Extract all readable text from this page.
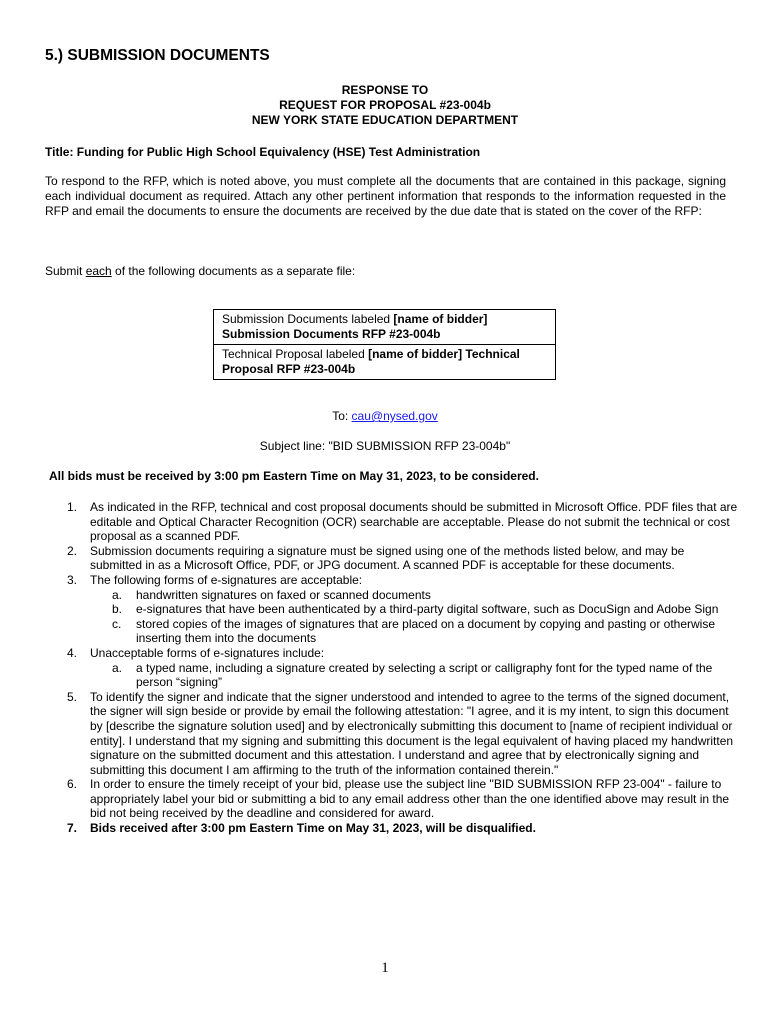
5.) SUBMISSION DOCUMENTS
RESPONSE TO
REQUEST FOR PROPOSAL #23-004b
NEW YORK STATE EDUCATION DEPARTMENT
Title: Funding for Public High School Equivalency (HSE) Test Administration
To respond to the RFP, which is noted above, you must complete all the documents that are contained in this package, signing each individual document as required. Attach any other pertinent information that responds to the information requested in the RFP and email the documents to ensure the documents are received by the due date that is stated on the cover of the RFP:
Submit each of the following documents as a separate file:
Submission Documents labeled [name of bidder] Submission Documents RFP #23-004b
Technical Proposal labeled [name of bidder] Technical Proposal RFP #23-004b
To: cau@nysed.gov
Subject line: "BID SUBMISSION RFP 23-004b"
All bids must be received by 3:00 pm Eastern Time on May 31, 2023, to be considered.
1. As indicated in the RFP, technical and cost proposal documents should be submitted in Microsoft Office. PDF files that are editable and Optical Character Recognition (OCR) searchable are acceptable. Please do not submit the technical or cost proposal as a scanned PDF.
2. Submission documents requiring a signature must be signed using one of the methods listed below, and may be submitted in as a Microsoft Office, PDF, or JPG document. A scanned PDF is acceptable for these documents.
3. The following forms of e-signatures are acceptable:
a. handwritten signatures on faxed or scanned documents
b. e-signatures that have been authenticated by a third-party digital software, such as DocuSign and Adobe Sign
c. stored copies of the images of signatures that are placed on a document by copying and pasting or otherwise inserting them into the documents
4. Unacceptable forms of e-signatures include:
a. a typed name, including a signature created by selecting a script or calligraphy font for the typed name of the person “signing”
5. To identify the signer and indicate that the signer understood and intended to agree to the terms of the signed document, the signer will sign beside or provide by email the following attestation: "I agree, and it is my intent, to sign this document by [describe the signature solution used] and by electronically submitting this document to [name of recipient individual or entity]. I understand that my signing and submitting this document is the legal equivalent of having placed my handwritten signature on the submitted document and this attestation. I understand and agree that by electronically signing and submitting this document I am affirming to the truth of the information contained therein."
6. In order to ensure the timely receipt of your bid, please use the subject line "BID SUBMISSION RFP 23-004" - failure to appropriately label your bid or submitting a bid to any email address other than the one identified above may result in the bid not being received by the deadline and considered for award.
7. Bids received after 3:00 pm Eastern Time on May 31, 2023, will be disqualified.
1
